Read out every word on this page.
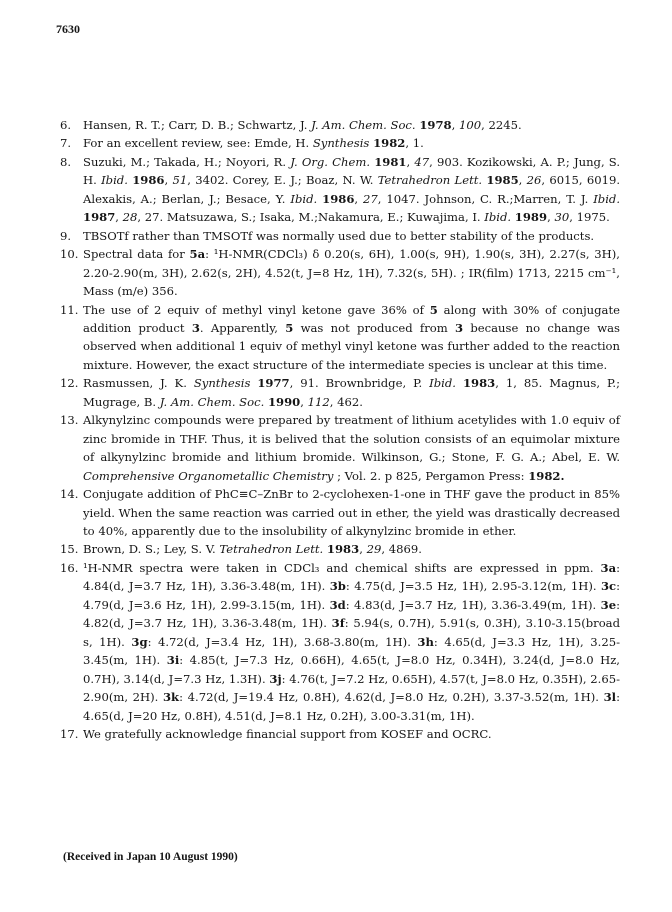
7630
6.	Hansen, R. T.; Carr, D. B.; Schwartz, J. J. Am. Chem. Soc. 1978, 100, 2245.
7.	For an excellent review, see: Emde, H. Synthesis 1982, 1.
8.	Suzuki, M.; Takada, H.; Noyori, R. J. Org. Chem. 1981, 47, 903. Kozikowski, A. P.; Jung, S. H. Ibid. 1986, 51, 3402. Corey, E. J.; Boaz, N. W. Tetrahedron Lett. 1985, 26, 6015, 6019. Alexakis, A.; Berlan, J.; Besace, Y. Ibid. 1986, 27, 1047. Johnson, C. R.;Marren, T. J. Ibid. 1987, 28, 27. Matsuzawa, S.; Isaka, M.;Nakamura, E.; Kuwajima, I. Ibid. 1989, 30, 1975.
9.	TBSOTf rather than TMSOTf was normally used due to better stability of the products.
10. Spectral data for 5a: ¹H-NMR(CDCl₃) δ 0.20(s, 6H), 1.00(s, 9H), 1.90(s, 3H), 2.27(s, 3H), 2.20-2.90(m, 3H), 2.62(s, 2H), 4.52(t, J=8 Hz, 1H), 7.32(s, 5H). ; IR(film) 1713, 2215 cm⁻¹, Mass (m/e) 356.
11. The use of 2 equiv of methyl vinyl ketone gave 36% of 5 along with 30% of conjugate addition product 3. Apparently, 5 was not produced from 3 because no change was observed when additional 1 equiv of methyl vinyl ketone was further added to the reaction mixture. However, the exact structure of the intermediate species is unclear at this time.
12. Rasmussen, J. K. Synthesis 1977, 91. Brownbridge, P. Ibid. 1983, 1, 85. Magnus, P.; Mugrage, B. J. Am. Chem. Soc. 1990, 112, 462.
13. Alkynylzinc compounds were prepared by treatment of lithium acetylides with 1.0 equiv of zinc bromide in THF. Thus, it is belived that the solution consists of an equimolar mixture of alkynylzinc bromide and lithium bromide. Wilkinson, G.; Stone, F. G. A.; Abel, E. W. Comprehensive Organometallic Chemistry ; Vol. 2. p 825, Pergamon Press: 1982.
14. Conjugate addition of PhC≡C–ZnBr to 2-cyclohexen-1-one in THF gave the product in 85% yield. When the same reaction was carried out in ether, the yield was drastically decreased to 40%, apparently due to the insolubility of alkynylzinc bromide in ether.
15. Brown, D. S.; Ley, S. V. Tetrahedron Lett. 1983, 29, 4869.
16. ¹H-NMR spectra were taken in CDCl₃ and chemical shifts are expressed in ppm. 3a: 4.84(d, J=3.7 Hz, 1H), 3.36-3.48(m, 1H). 3b: 4.75(d, J=3.5 Hz, 1H), 2.95-3.12(m, 1H). 3c: 4.79(d, J=3.6 Hz, 1H), 2.99-3.15(m, 1H). 3d: 4.83(d, J=3.7 Hz, 1H), 3.36-3.49(m, 1H). 3e: 4.82(d, J=3.7 Hz, 1H), 3.36-3.48(m, 1H). 3f: 5.94(s, 0.7H), 5.91(s, 0.3H), 3.10-3.15(broad s, 1H). 3g: 4.72(d, J=3.4 Hz, 1H), 3.68-3.80(m, 1H). 3h: 4.65(d, J=3.3 Hz, 1H), 3.25-3.45(m, 1H). 3i: 4.85(t, J=7.3 Hz, 0.66H), 4.65(t, J=8.0 Hz, 0.34H), 3.24(d, J=8.0 Hz, 0.7H), 3.14(d, J=7.3 Hz, 1.3H). 3j: 4.76(t, J=7.2 Hz, 0.65H), 4.57(t, J=8.0 Hz, 0.35H), 2.65-2.90(m, 2H). 3k: 4.72(d, J=19.4 Hz, 0.8H), 4.62(d, J=8.0 Hz, 0.2H), 3.37-3.52(m, 1H). 3l: 4.65(d, J=20 Hz, 0.8H), 4.51(d, J=8.1 Hz, 0.2H), 3.00-3.31(m, 1H).
17. We gratefully acknowledge financial support from KOSEF and OCRC.
(Received in Japan 10 August 1990)
